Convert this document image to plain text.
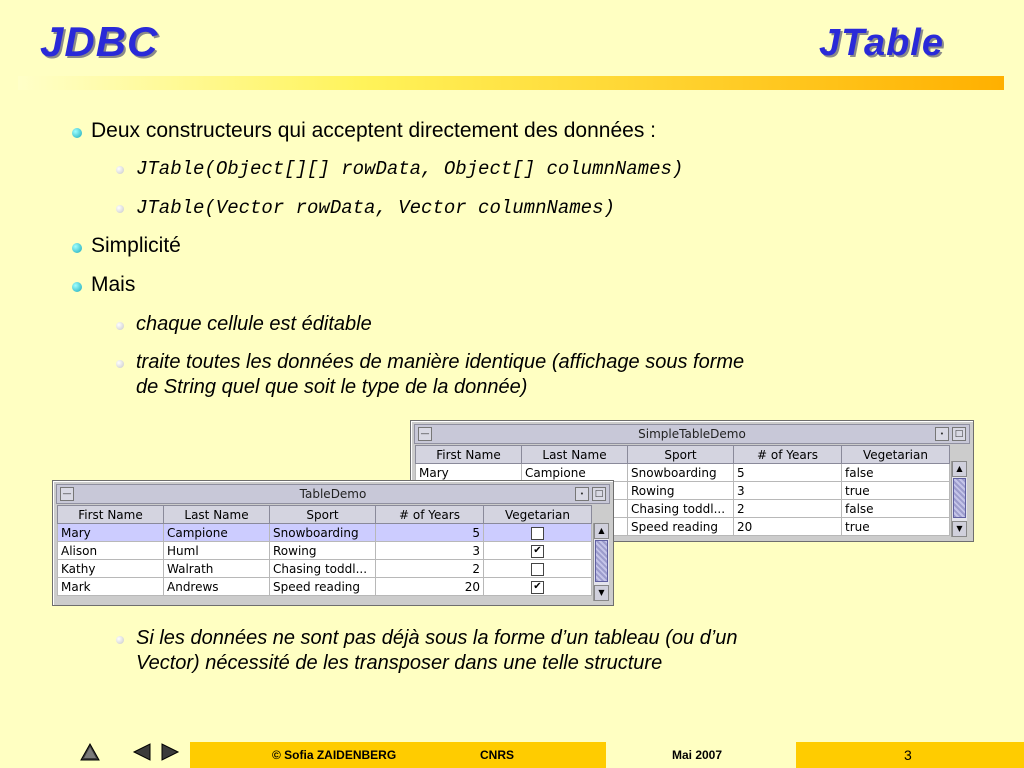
JDBC	JTable
Deux constructeurs qui acceptent directement des données :
JTable(Object[][] rowData, Object[] columnNames)
JTable(Vector rowData, Vector columnNames)
Simplicité
Mais
chaque cellule est éditable
traite toutes les données de manière identique (affichage sous forme
de String quel que soit le type de la donnée)
—	SimpleTableDemo	•	□
First Name	Last Name	Sport	# of Years	Vegetarian
Mary	Campione	Snowboarding	5	false
		Rowing	3	true
		Chasing toddl...	2	false
		Speed reading	20	true
▲
▼
—	TableDemo	•	□
First Name	Last Name	Sport	# of Years	Vegetarian
Mary	Campione	Snowboarding	5	
Alison	Huml	Rowing	3	✔
Kathy	Walrath	Chasing toddl...	2	
Mark	Andrews	Speed reading	20	✔
▲
▼
Si les données ne sont pas déjà sous la forme d’un tableau (ou d’un
Vector) nécessité de les transposer dans une telle structure
© Sofia ZAIDENBERG	CNRS	Mai 2007	3
